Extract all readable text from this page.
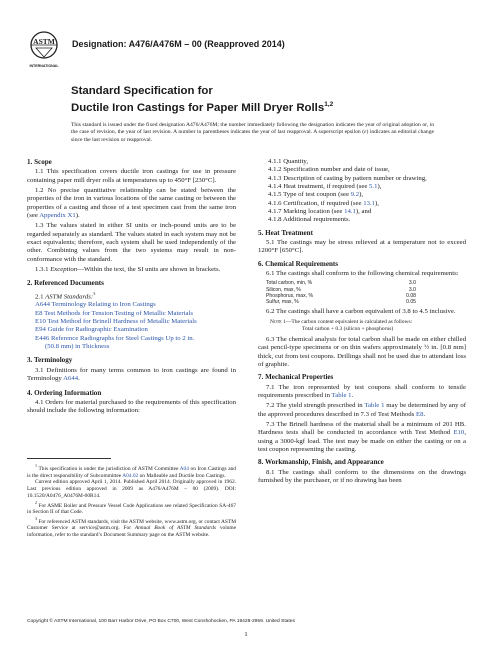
ASTM
INTERNATIONAL
Designation: A476/A476M – 00 (Reapproved 2014)
Standard Specification for
Ductile Iron Castings for Paper Mill Dryer Rolls$^{1,2}$

This standard is issued under the fixed designation A476/A476M; the number immediately following the designation indicates the year of original adoption or, in the case of revision, the year of last revision. A number in parentheses indicates the year of last reapproval. A superscript epsilon (ε) indicates an editorial change since the last revision or reapproval.

1. Scope

1.1 This specification covers ductile iron castings for use in pressure containing paper mill dryer rolls at temperatures up to 450°F [230°C].

1.2 No precise quantitative relationship can be stated between the properties of the iron in various locations of the same casting or between the properties of a casting and those of a test specimen cast from the same iron (see Appendix X1).

1.3 The values stated in either SI units or inch-pound units are to be regarded separately as standard. The values stated in each system may not be exact equivalents; therefore, each system shall be used independently of the other. Combining values from the two systems may result in non-conformance with the standard.

1.3.1 Exception—Within the text, the SI units are shown in brackets.

2. Referenced Documents

2.1 ASTM Standards:$^3$

A644 Terminology Relating to Iron Castings
E8 Test Methods for Tension Testing of Metallic Materials
E10 Test Method for Brinell Hardness of Metallic Materials
E94 Guide for Radiographic Examination
E446 Reference Radiographs for Steel Castings Up to 2 in.
(50.8 mm) in Thickness
3. Terminology

3.1 Definitions for many terms common to iron castings are found in Terminology A644.

4. Ordering Information

4.1 Orders for material purchased to the requirements of this specification should include the following information:

$^1$ This specification is under the jurisdiction of ASTM Committee A04 on Iron Castings and is the direct responsibility of Subcommittee A04.02 on Malleable and Ductile Iron Castings.

Current edition approved April 1, 2014. Published April 2014. Originally approved in 1962. Last previous edition approved in 2009 as A476/A476M – 00 (2009). DOI: 10.1520/A0476_A0476M-00R14.

$^2$ For ASME Boiler and Pressure Vessel Code Applications see related Specification SA-467 in Section II of that Code.

$^3$ For referenced ASTM standards, visit the ASTM website, www.astm.org, or contact ASTM Customer Service at service@astm.org. For Annual Book of ASTM Standards volume information, refer to the standard’s Document Summary page on the ASTM website.

4.1.1 Quantity,
4.1.2 Specification number and date of issue,
4.1.3 Description of casting by pattern number or drawing,
4.1.4 Heat treatment, if required (see 5.1),
4.1.5 Type of test coupon (see 9.2),
4.1.6 Certification, if required (see 13.1),
4.1.7 Marking location (see 14.1), and
4.1.8 Additional requirements.
5. Heat Treatment

5.1 The castings may be stress relieved at a temperature not to exceed 1200°F [650°C].

6. Chemical Requirements

6.1 The castings shall conform to the following chemical requirements:

Total carbon, min, %	3.0
Silicon, max, %	3.0
Phosphorus, max, %	0.08
Sulfur, max, %	0.05

6.2 The castings shall have a carbon equivalent of 3.8 to 4.5 inclusive.

Note 1—The carbon content equivalent is calculated as follows:

Total carbon + 0.3 (silicon + phosphorus)

6.3 The chemical analysis for total carbon shall be made on either chilled cast pencil-type specimens or on thin wafers approximately ½ in. [0.8 mm] thick, cut from test coupons. Drillings shall not be used due to attendant loss of graphite.

7. Mechanical Properties

7.1 The iron represented by test coupons shall conform to tensile requirements prescribed in Table 1.

7.2 The yield strength prescribed in Table 1 may be determined by any of the approved procedures described in 7.3 of Test Methods E8.

7.3 The Brinell hardness of the material shall be a minimum of 201 HB. Hardness tests shall be conducted in accordance with Test Method E10, using a 3000-kgf load. The test may be made on either the casting or on a test coupon representing the casting.

8. Workmanship, Finish, and Appearance

8.1 The castings shall conform to the dimensions on the drawings furnished by the purchaser, or if no drawing has been

Copyright © ASTM International, 100 Barr Harbor Drive, PO Box C700, West Conshohocken, PA 19428-2959. United States
1
